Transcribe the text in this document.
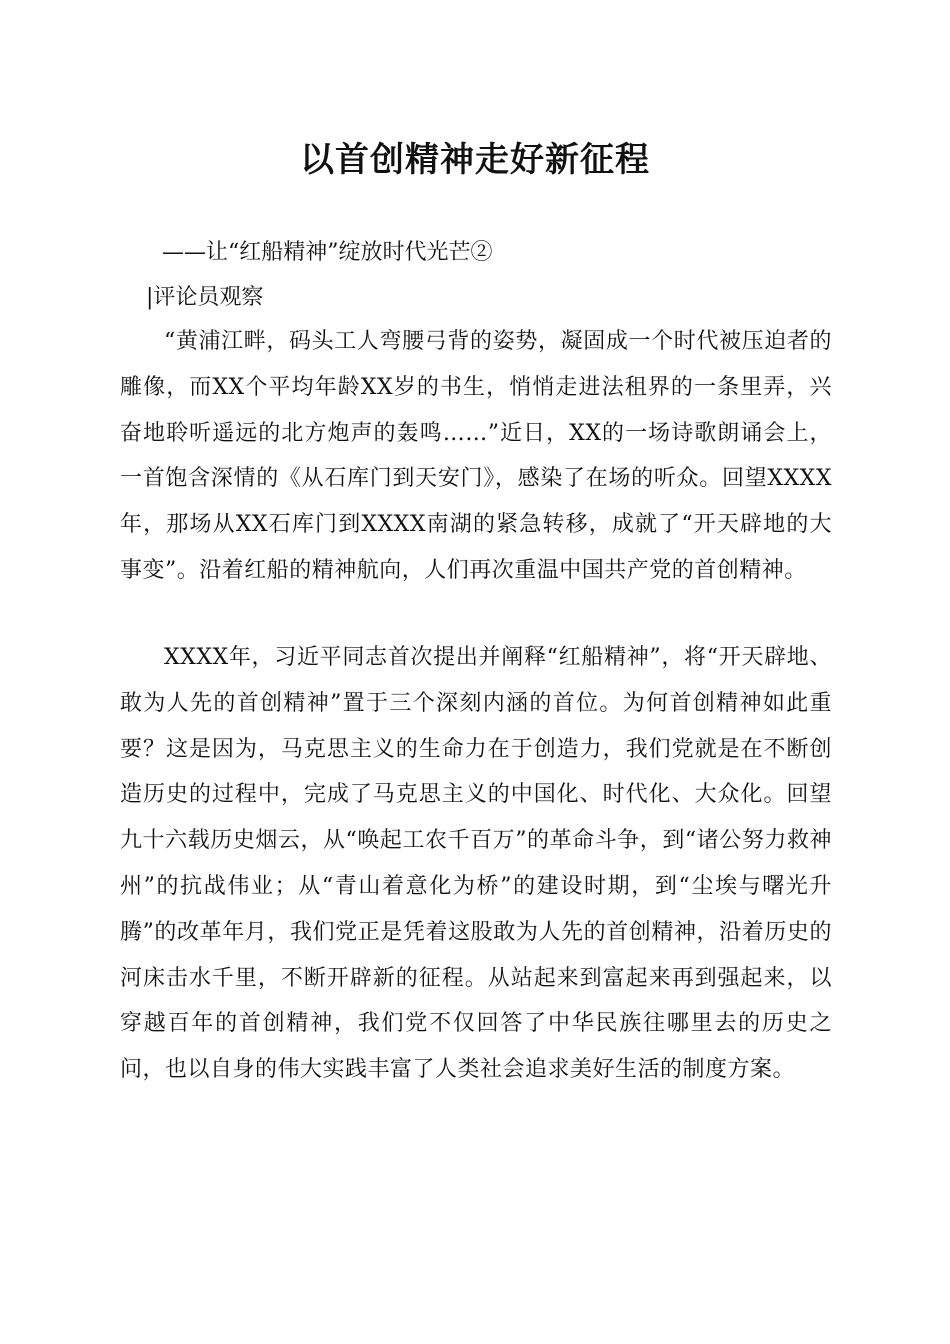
以首创精神走好新征程
——让“红船精神”绽放时代光芒②
|评论员观察

“黄浦江畔，码头工人弯腰弓背的姿势，凝固成一个时代被压迫者的雕像，而XX个平均年龄XX岁的书生，悄悄走进法租界的一条里弄，兴奋地聆听遥远的北方炮声的轰鸣……”近日，XX的一场诗歌朗诵会上，一首饱含深情的《从石库门到天安门》，感染了在场的听众。回望XXXX年，那场从XX石库门到XXXX南湖的紧急转移，成就了“开天辟地的大事变”。沿着红船的精神航向，人们再次重温中国共产党的首创精神。

XXXX年，习近平同志首次提出并阐释“红船精神”，将“开天辟地、敢为人先的首创精神”置于三个深刻内涵的首位。为何首创精神如此重要？这是因为，马克思主义的生命力在于创造力，我们党就是在不断创造历史的过程中，完成了马克思主义的中国化、时代化、大众化。回望九十六载历史烟云，从“唤起工农千百万”的革命斗争，到“诸公努力救神州”的抗战伟业；从“青山着意化为桥”的建设时期，到“尘埃与曙光升腾”的改革年月，我们党正是凭着这股敢为人先的首创精神，沿着历史的河床击水千里，不断开辟新的征程。从站起来到富起来再到强起来，以穿越百年的首创精神，我们党不仅回答了中华民族往哪里去的历史之问，也以自身的伟大实践丰富了人类社会追求美好生活的制度方案。
